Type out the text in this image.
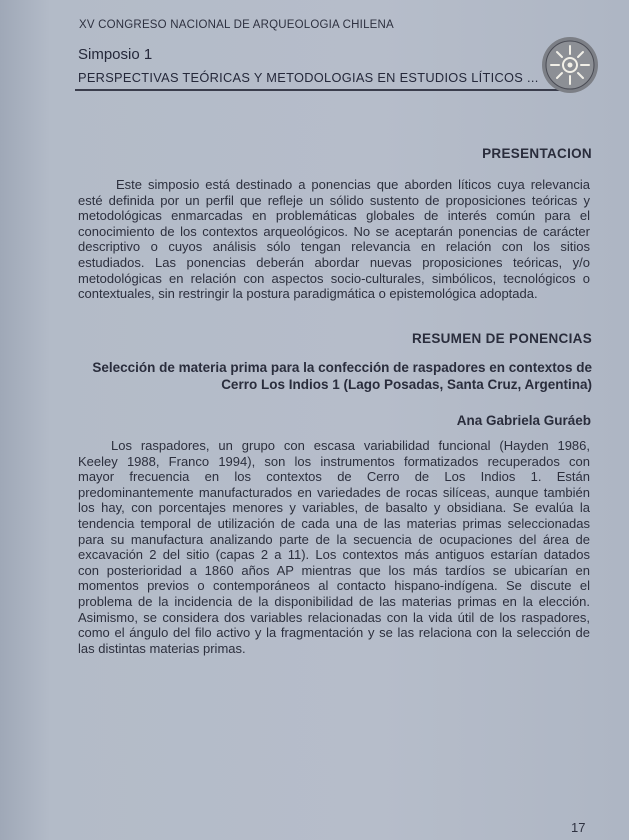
XV CONGRESO NACIONAL DE ARQUEOLOGIA CHILENA
Simposio 1
PERSPECTIVAS TEÓRICAS Y METODOLOGIAS EN ESTUDIOS LÍTICOS ...
PRESENTACION
Este simposio está destinado a ponencias que aborden líticos cuya relevancia
esté definida por un perfil que refleje un sólido sustento de proposiciones teóricas y
metodológicas enmarcadas en problemáticas globales de interés común para el
conocimiento de los contextos arqueológicos. No se aceptarán ponencias de carácter
descriptivo o cuyos análisis sólo tengan relevancia en relación con los sitios
estudiados. Las ponencias deberán abordar nuevas proposiciones teóricas, y/o
metodológicas en relación con aspectos socio-culturales, simbólicos, tecnológicos o
contextuales, sin restringir la postura paradigmática o epistemológica adoptada.
RESUMEN DE PONENCIAS
Selección de materia prima para la confección de raspadores en contextos de
Cerro Los Indios 1 (Lago Posadas, Santa Cruz, Argentina)
Ana Gabriela Guráeb
Los raspadores, un grupo con escasa variabilidad funcional (Hayden 1986,
Keeley 1988, Franco 1994), son los instrumentos formatizados recuperados con
mayor frecuencia en los contextos de Cerro de Los Indios 1. Están
predominantemente manufacturados en variedades de rocas silíceas, aunque también
los hay, con porcentajes menores y variables, de basalto y obsidiana. Se evalúa la
tendencia temporal de utilización de cada una de las materias primas seleccionadas
para su manufactura analizando parte de la secuencia de ocupaciones del área de
excavación 2 del sitio (capas 2 a 11). Los contextos más antiguos estarían datados
con posterioridad a 1860 años AP mientras que los más tardíos se ubicarían en
momentos previos o contemporáneos al contacto hispano-indígena. Se discute el
problema de la incidencia de la disponibilidad de las materias primas en la elección.
Asimismo, se considera dos variables relacionadas con la vida útil de los raspadores,
como el ángulo del filo activo y la fragmentación y se las relaciona con la selección de
las distintas materias primas.
17
